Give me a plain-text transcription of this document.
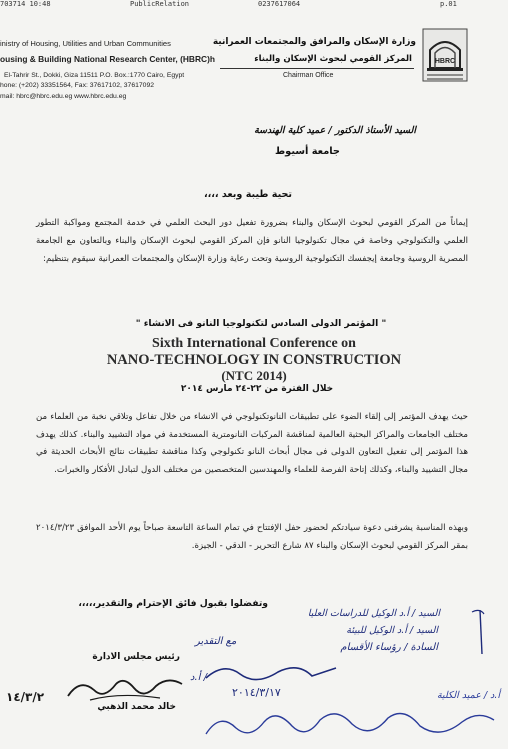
703714 10:48	PublicRelation	0237617064	p.01
inistry of Housing, Utilities and Urban Communities
ousing & Building National Research Center, (HBRC)h
El-Tahrir St., Dokki, Giza 11511 P.O. Box.:1770 Cairo, Egypt
hone: (+202) 33351564, Fax: 37617102, 37617092
mail: hbrc@hbrc.edu.eg www.hbrc.edu.eg
وزارة الإسكان والمرافق والمجتمعات العمرانية
المركز القومي لبحوث الإسكان والبناء
Chairman Office
HBRC
السيد الأستاذ الدكتور / عميد كلية الهندسة
جامعة أسيوط
تحية طيبة وبعد ،،،،
إيماناً من المركز القومي لبحوث الإسكان والبناء بضرورة تفعيل دور البحث العلمي في خدمة المجتمع ومواكبة التطور العلمي والتكنولوجي وخاصة في مجال تكنولوجيا النانو فإن المركز القومي لبحوث الإسكان والبناء وبالتعاون مع الجامعة المصرية الروسية وجامعة إيجفسك التكنولوجية الروسية وتحت رعاية وزارة الإسكان والمجتمعات العمرانية سيقوم بتنظيم:
" المؤتمر الدولى السادس لتكنولوجيا النانو فى الانشاء "
Sixth International Conference on
NANO-TECHNOLOGY IN CONSTRUCTION
(NTC 2014)
خلال الفترة من ٢٢-٢٤ مارس ٢٠١٤
حيث يهدف المؤتمر إلى إلقاء الضوء على تطبيقات النانوتكنولوجي في الانشاء من خلال تفاعل وتلاقي نخبة من العلماء من مختلف الجامعات والمراكز البحثية العالمية لمناقشة المركبات النانومترية المستخدمة في مواد التشييد والبناء. كذلك يهدف هذا المؤتمر إلى تفعيل التعاون الدولى فى مجال أبحاث النانو تكنولوجي وكذا مناقشة تطبيقات نتائج الأبحاث الحديثة في مجال التشييد والبناء، وكذلك إتاحة الفرصة للعلماء والمهندسين المتخصصين من مختلف الدول لتبادل الأفكار والخبرات.
وبهذه المناسبة يشرفنى دعوة سيادتكم لحضور حفل الإفتتاح في تمام الساعة التاسعة صباحاً يوم الأحد الموافق ٢٠١٤/٣/٢٣ بمقر المركز القومي لبحوث الإسكان والبناء ٨٧ شارع التحرير - الدقي - الجيزة.
وتفضلوا بقبول فائق الإحترام والتقدير،،،،،
السيد / أ.د الوكيل للدراسات العليا
السيد / أ.د الوكيل للبيئة
السادة / رؤساء الأقسام
مع التقدير
أ.د /
٢٠١٤/٣/١٧	أ.د / عميد الكلية
رئيس مجلس الادارة
خالد محمد الذهبي
١٤/٣/٢
